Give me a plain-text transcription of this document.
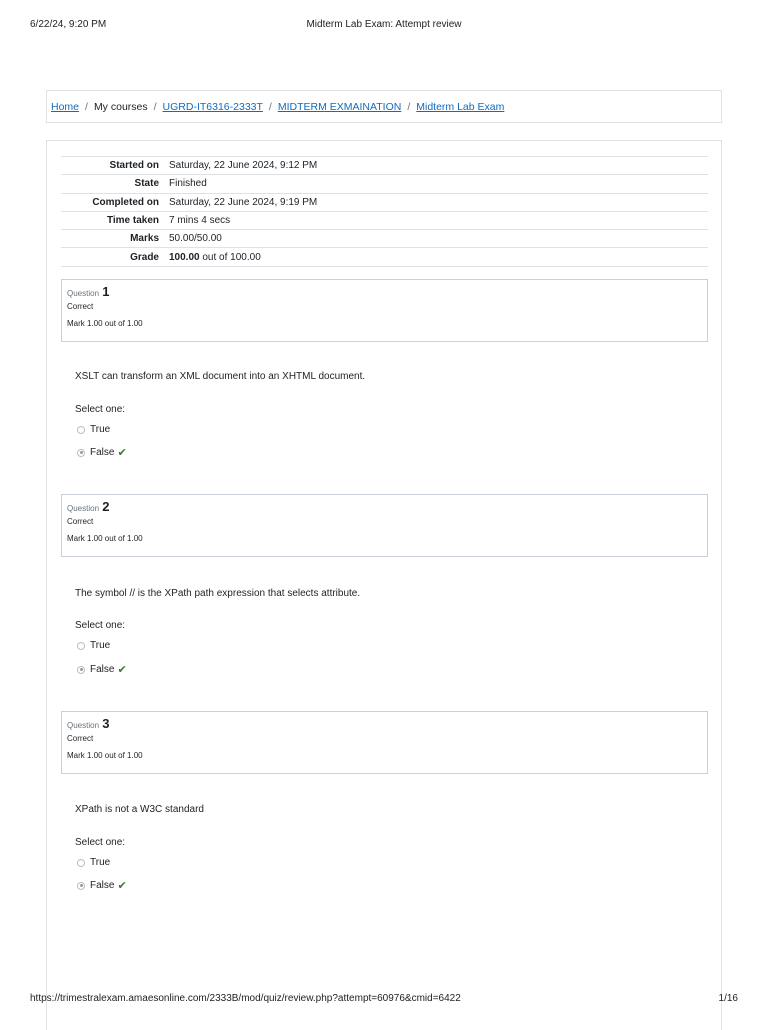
6/22/24, 9:20 PM	Midterm Lab Exam: Attempt review
Home / My courses / UGRD-IT6316-2333T / MIDTERM EXMAINATION / Midterm Lab Exam
Started on	Saturday, 22 June 2024, 9:12 PM
State	Finished
Completed on	Saturday, 22 June 2024, 9:19 PM
Time taken	7 mins 4 secs
Marks	50.00/50.00
Grade	100.00 out of 100.00
Question 1
Correct
Mark 1.00 out of 1.00
XSLT can transform an XML document into an XHTML document.
Select one:
True
False ✔
Question 2
Correct
Mark 1.00 out of 1.00
The symbol // is the XPath path expression that selects attribute.
Select one:
True
False ✔
Question 3
Correct
Mark 1.00 out of 1.00
XPath is not a W3C standard
Select one:
True
False ✔
https://trimestralexam.amaesonline.com/2333B/mod/quiz/review.php?attempt=60976&cmid=6422	1/16
